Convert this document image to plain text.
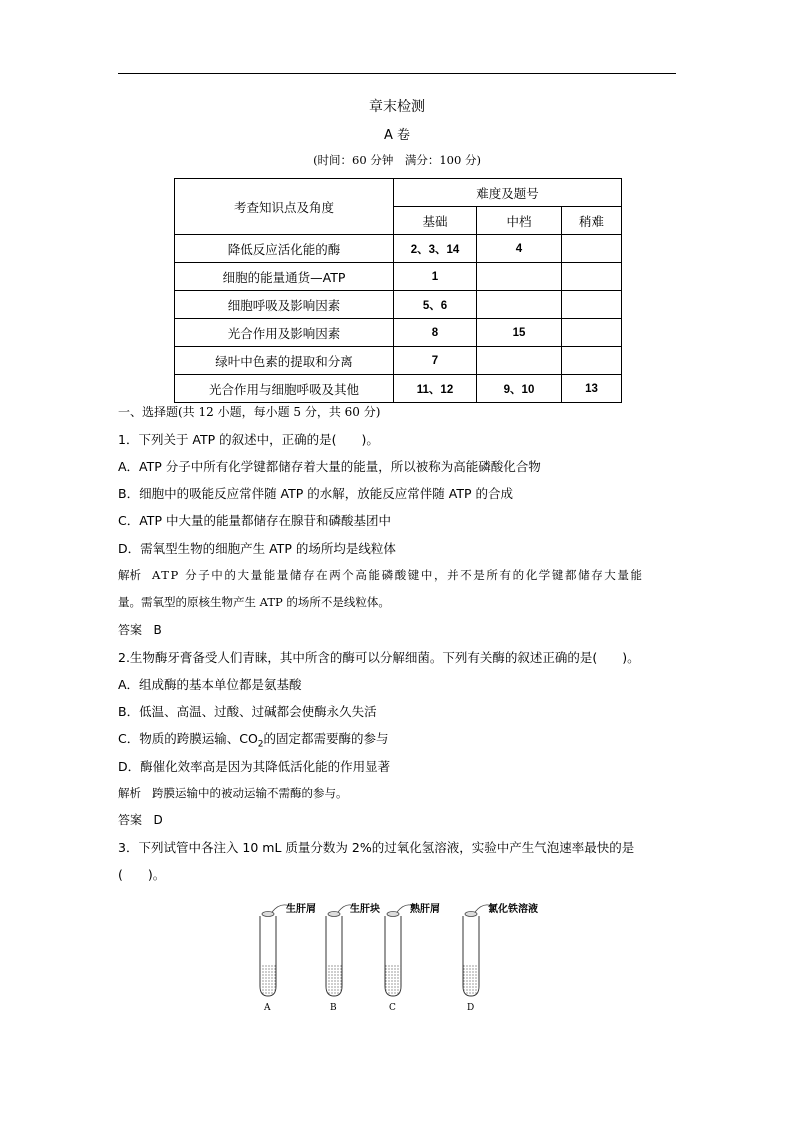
章末检测
A 卷
(时间：60 分钟　满分：100 分)
考查知识点及角度	难度及题号		
	基础	中档	稍难
降低反应活化能的酶	2、3、14	4	
细胞的能量通货—ATP	1		
细胞呼吸及影响因素	5、6		
光合作用及影响因素	8	15	
绿叶中色素的提取和分离	7		
光合作用与细胞呼吸及其他	11、12	9、10	13
一、选择题(共 12 小题，每小题 5 分，共 60 分)
1．下列关于 ATP 的叙述中，正确的是(　　)。
A．ATP 分子中所有化学键都储存着大量的能量，所以被称为高能磷酸化合物
B．细胞中的吸能反应常伴随 ATP 的水解，放能反应常伴随 ATP 的合成
C．ATP 中大量的能量都储存在腺苷和磷酸基团中
D．需氧型生物的细胞产生 ATP 的场所均是线粒体
解析 ATP 分子中的大量能量储存在两个高能磷酸键中，并不是所有的化学键都储存大量能
量。需氧型的原核生物产生 ATP 的场所不是线粒体。
答案 B
2.生物酶牙膏备受人们青睐，其中所含的酶可以分解细菌。下列有关酶的叙述正确的是(　　)。
A．组成酶的基本单位都是氨基酸
B．低温、高温、过酸、过碱都会使酶永久失活
C．物质的跨膜运输、$CO_2$的固定都需要酶的参与
D．酶催化效率高是因为其降低活化能的作用显著
解析 跨膜运输中的被动运输不需酶的参与。
答案 D
3．下列试管中各注入 10 mL 质量分数为 2%的过氧化氢溶液，实验中产生气泡速率最快的是
(　　)。
生肝屑
A
生肝块
B
熟肝屑
C
氯化铁溶液
D
